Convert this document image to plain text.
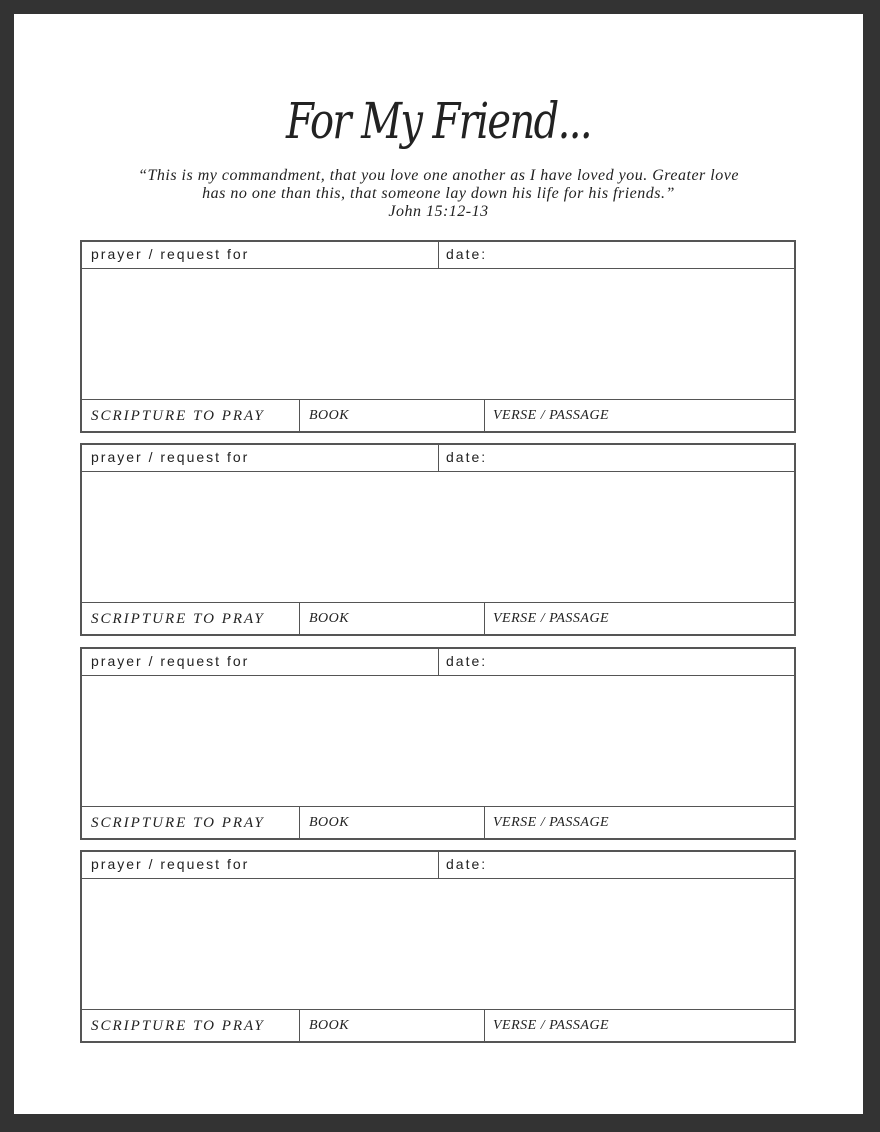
For My Friend...
“This is my commandment, that you love one another as I have loved you. Greater love
has no one than this, that someone lay down his life for his friends.”
John 15:12-13
prayer / request for	date:
SCRIPTURE TO PRAY	BOOK	VERSE / PASSAGE
prayer / request for	date:
SCRIPTURE TO PRAY	BOOK	VERSE / PASSAGE
prayer / request for	date:
SCRIPTURE TO PRAY	BOOK	VERSE / PASSAGE
prayer / request for	date:
SCRIPTURE TO PRAY	BOOK	VERSE / PASSAGE
